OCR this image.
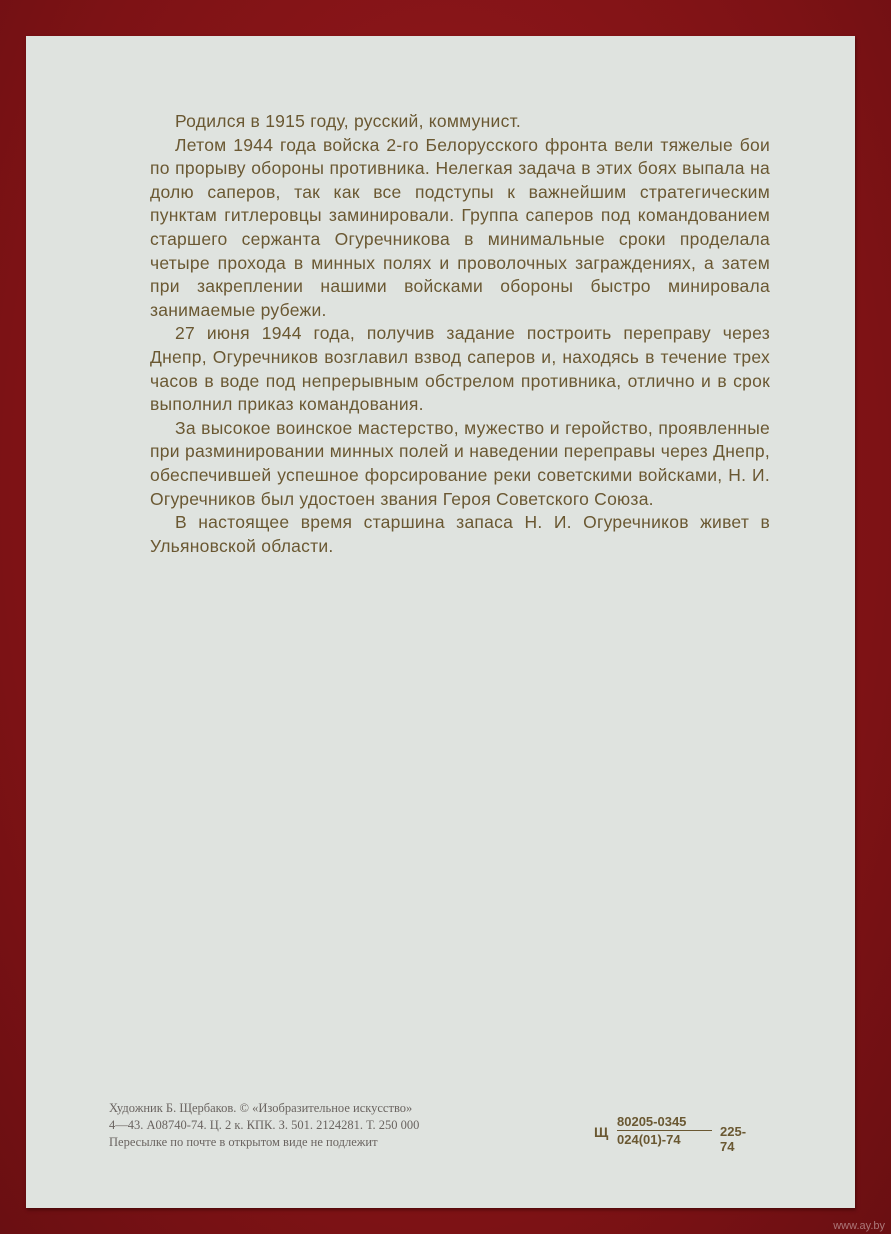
Родился в 1915 году, русский, коммунист.

Летом 1944 года войска 2-го Белорусского фронта вели тяжелые бои по прорыву обороны противника. Нелегкая задача в этих боях выпала на долю саперов, так как все подступы к важнейшим стратегическим пунктам гитлеровцы заминировали. Группа саперов под командованием старшего сержанта Огуречникова в минимальные сроки проделала четыре прохода в минных полях и проволочных заграждениях, а затем при закреплении нашими войсками обороны быстро минировала занимаемые рубежи.

27 июня 1944 года, получив задание построить переправу через Днепр, Огуречников возглавил взвод саперов и, находясь в течение трех часов в воде под непрерывным обстрелом противника, отлично и в срок выполнил приказ командования.

За высокое воинское мастерство, мужество и геройство, проявленные при разминировании минных полей и наведении переправы через Днепр, обеспечившей успешное форсирование реки советскими войсками, Н. И. Огуречников был удостоен звания Героя Советского Союза.

В настоящее время старшина запаса Н. И. Огуречников живет в Ульяновской области.

Художник Б. Щербаков. © «Изобразительное искусство»
4—43. А08740-74. Ц. 2 к. КПК. З. 501. 2124281. Т. 250 000
Пересылке по почте в открытом виде не подлежит
Щ $\frac{80205-0345}{024(01)-74} 225-74$
www.ay.by
